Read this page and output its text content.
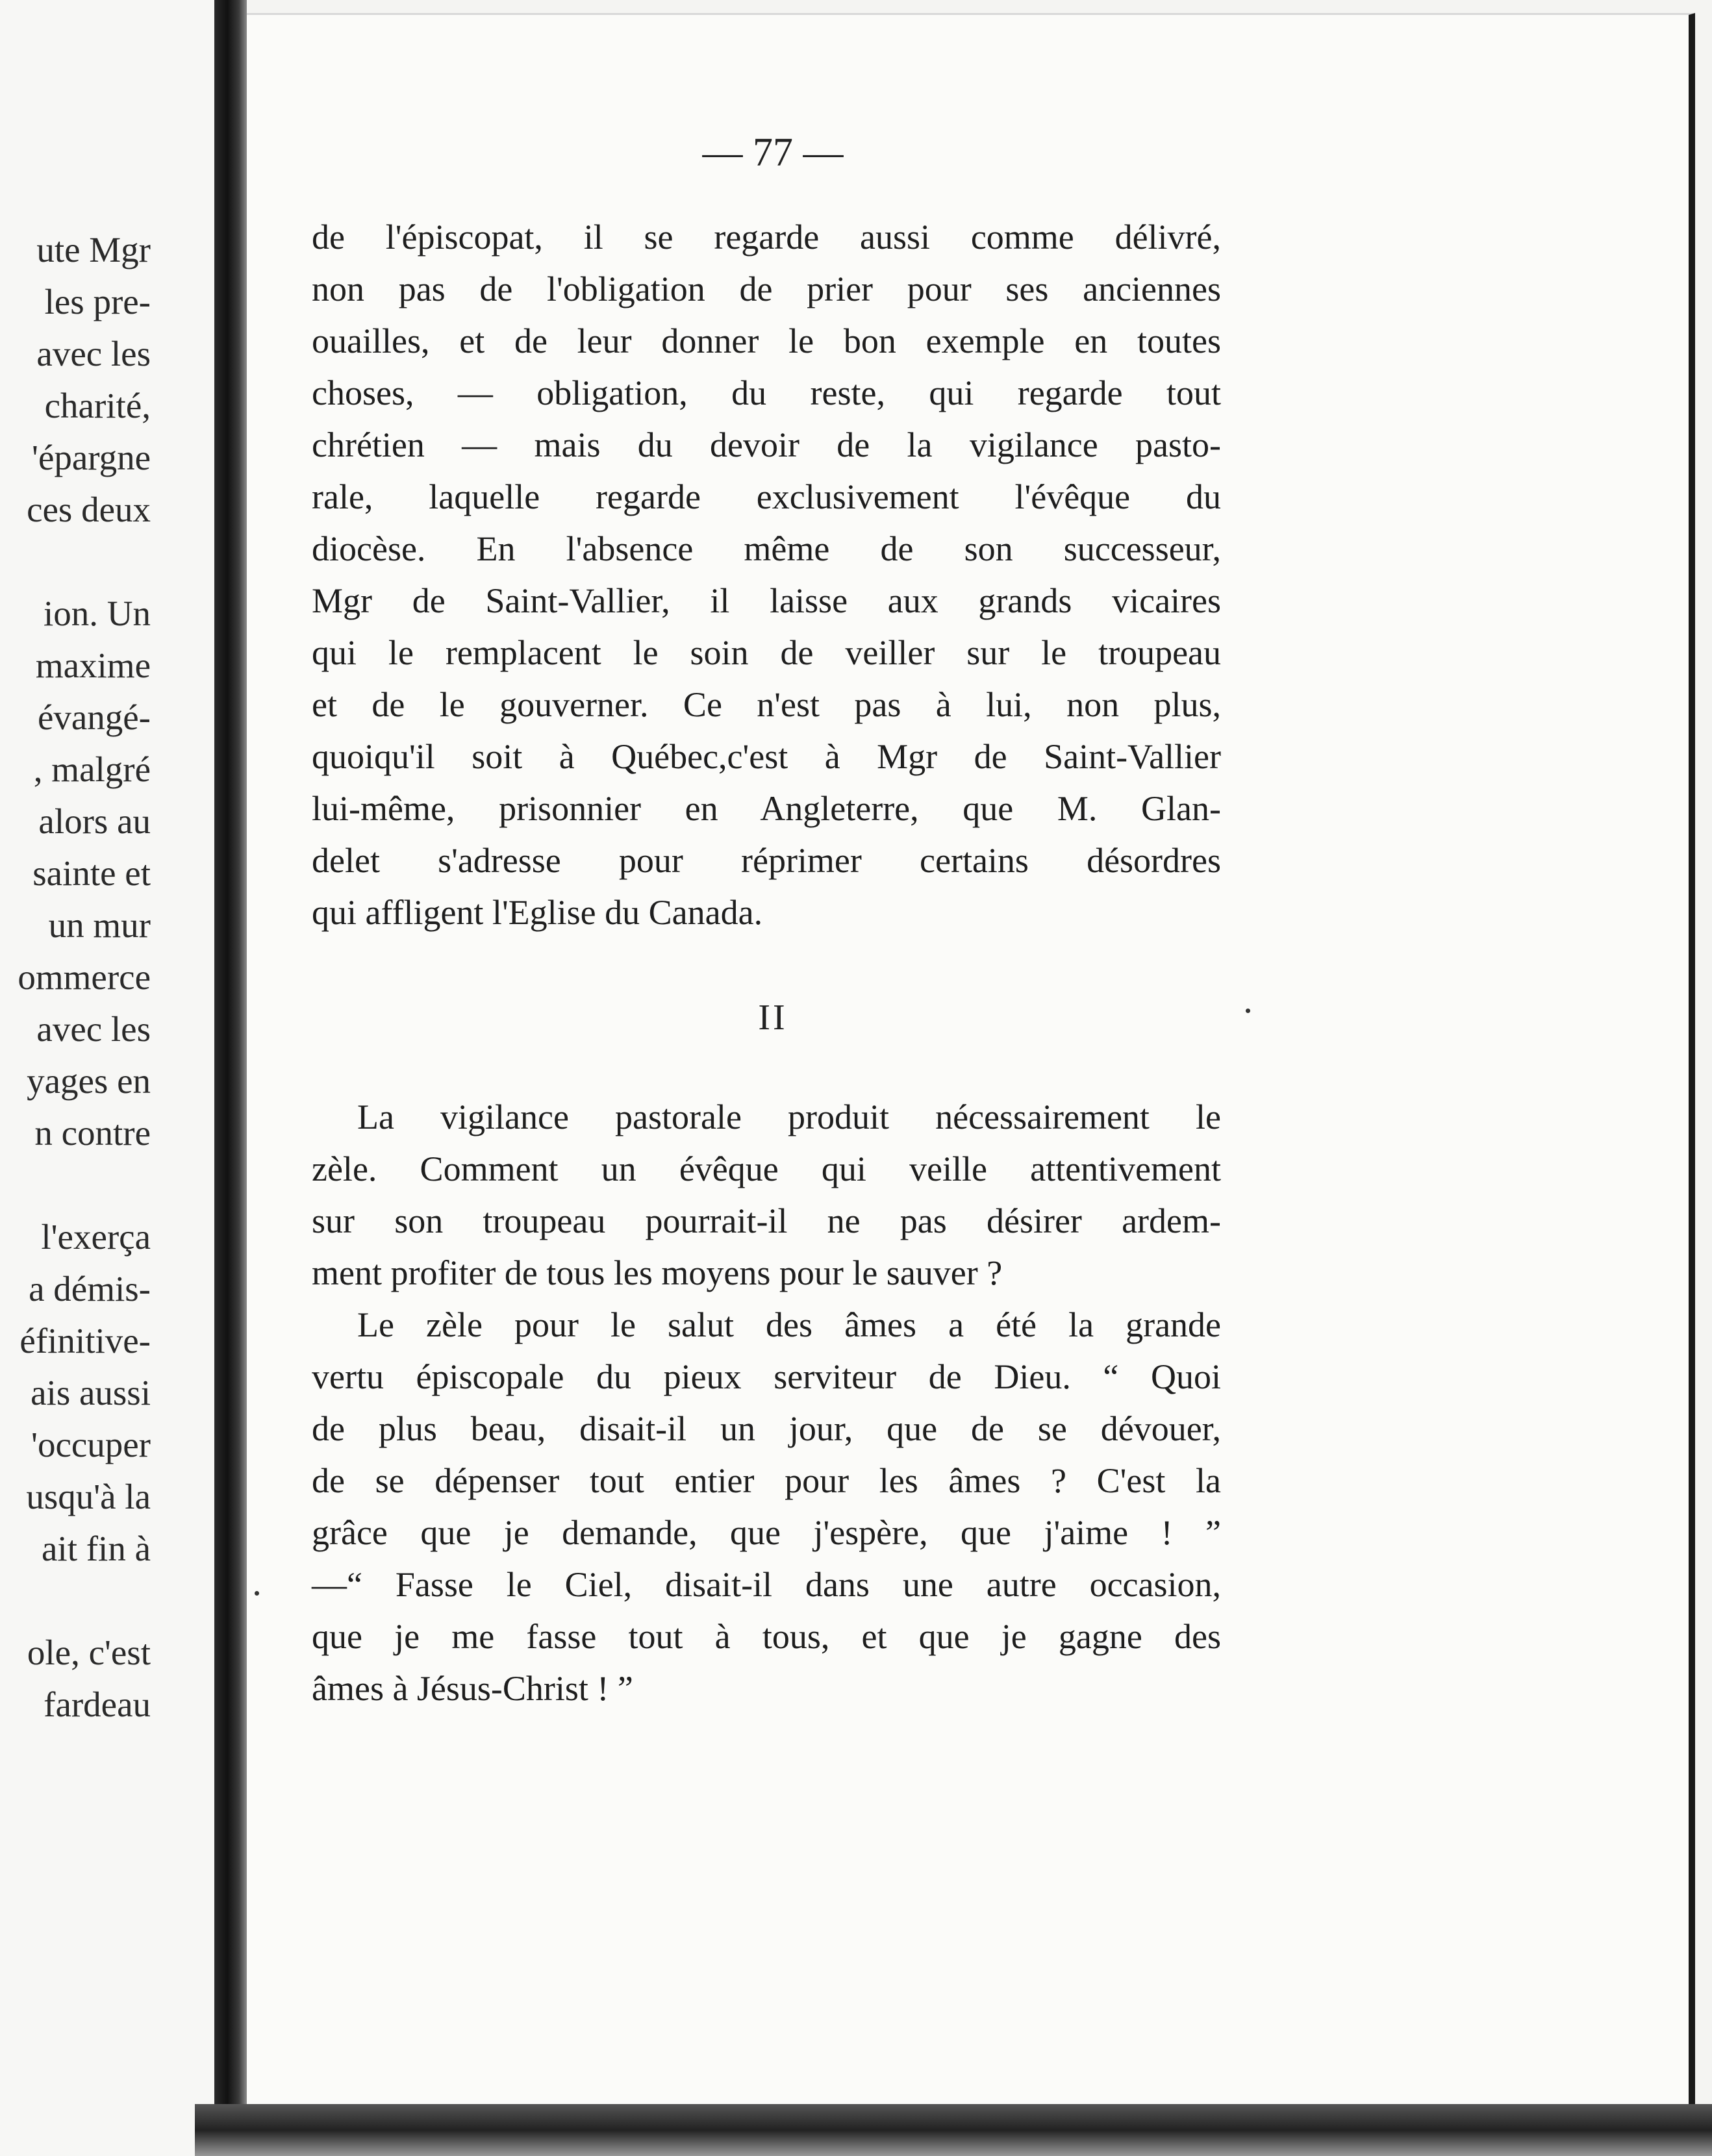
ute Mgr
les pre-
avec les
charité,
'épargne
ces deux
ion. Un
maxime
évangé-
, malgré
alors au
sainte et
un mur
ommerce
avec les
yages en
n contre
l'exerça
a démis-
éfinitive-
ais aussi
'occuper
usqu'à la
ait fin à
ole, c'est
fardeau
— 77 —
de l'épiscopat, il se regarde aussi comme délivré,
non pas de l'obligation de prier pour ses anciennes
ouailles, et de leur donner le bon exemple en toutes
choses, — obligation, du reste, qui regarde tout
chrétien — mais du devoir de la vigilance pasto-
rale, laquelle regarde exclusivement l'évêque du
diocèse. En l'absence même de son successeur,
Mgr de Saint-Vallier, il laisse aux grands vicaires
qui le remplacent le soin de veiller sur le troupeau
et de le gouverner. Ce n'est pas à lui, non plus,
quoiqu'il soit à Québec,c'est à Mgr de Saint-Vallier
lui-même, prisonnier en Angleterre, que M. Glan-
delet s'adresse pour réprimer certains désordres
qui affligent l'Eglise du Canada.
II
La vigilance pastorale produit nécessairement le
zèle. Comment un évêque qui veille attentivement
sur son troupeau pourrait-il ne pas désirer ardem-
ment profiter de tous les moyens pour le sauver ?
Le zèle pour le salut des âmes a été la grande
vertu épiscopale du pieux serviteur de Dieu. “ Quoi
de plus beau, disait-il un jour, que de se dévouer,
de se dépenser tout entier pour les âmes ? C'est la
grâce que je demande, que j'espère, que j'aime ! ”
—“ Fasse le Ciel, disait-il dans une autre occasion,
que je me fasse tout à tous, et que je gagne des
âmes à Jésus-Christ ! ”
